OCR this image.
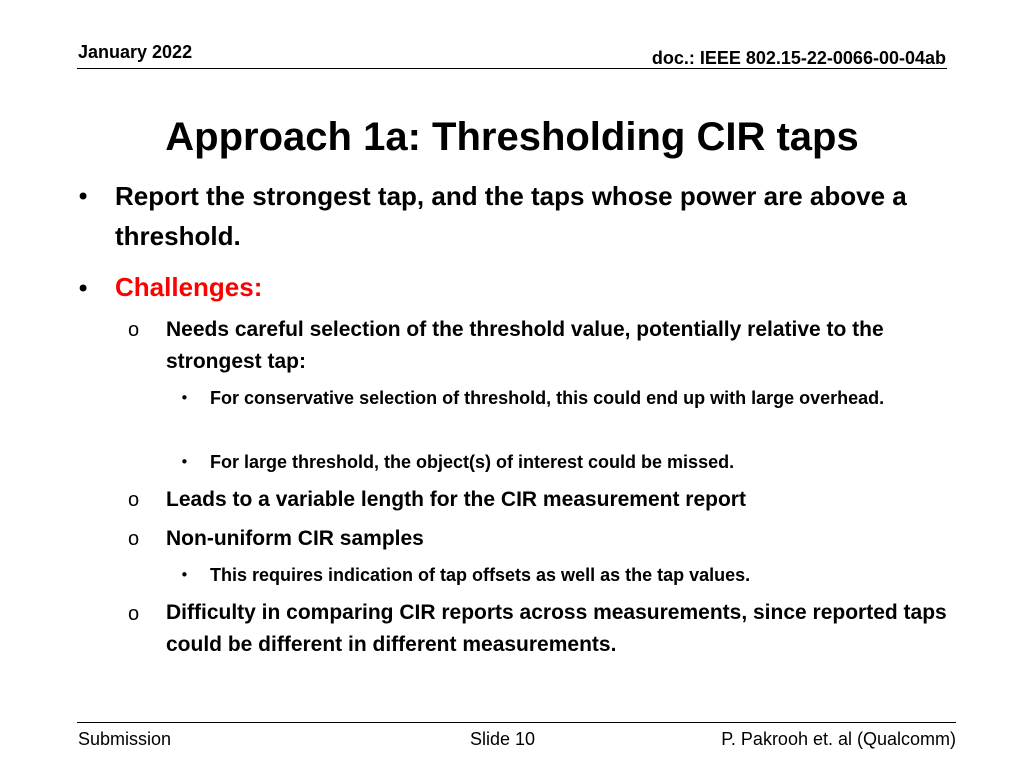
January 2022	doc.: IEEE 802.15-22-0066-00-04ab
Approach 1a: Thresholding CIR taps
• Report the strongest tap, and the taps whose power are above a threshold.
• Challenges:
o Needs careful selection of the threshold value, potentially relative to the strongest tap:
• For conservative selection of threshold, this could end up with large overhead.
• For large threshold, the object(s) of interest could be missed.
o Leads to a variable length for the CIR measurement report
o Non-uniform CIR samples
• This requires indication of tap offsets as well as the tap values.
o Difficulty in comparing CIR reports across measurements, since reported taps could be different in different measurements.
Submission	Slide 10	P. Pakrooh et. al (Qualcomm)
